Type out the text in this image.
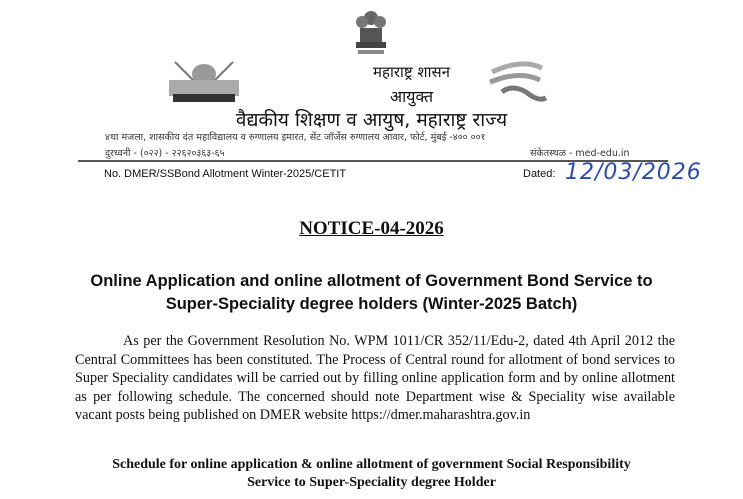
महाराष्ट्र शासन
आयुक्त
वैद्यकीय शिक्षण व आयुष, महाराष्ट्र राज्य
४था मजला, शासकीय दंत महाविद्यालय व रुग्णालय इमारत, सेंट जॉर्जेस रुग्णालय आवार, फोर्ट, मुंबई -४०० ००१
दुरध्वनी - (०२२) - २२६२०३६३-६५	संकेतस्थळ - med-edu.in
No. DMER/SSBond Allotment Winter-2025/CETIT	Dated: 12/03/2026
NOTICE-04-2026
Online Application and online allotment of Government Bond Service to
Super-Speciality degree holders (Winter-2025 Batch)
As per the Government Resolution No. WPM 1011/CR 352/11/Edu-2, dated 4th April 2012 the Central Committees has been constituted. The Process of Central round for allotment of bond services to Super Speciality candidates will be carried out by filling online application form and by online allotment as per following schedule. The concerned should note Department wise & Speciality wise available vacant posts being published on DMER website https://dmer.maharashtra.gov.in
Schedule for online application & online allotment of government Social Responsibility
Service to Super-Speciality degree Holder
